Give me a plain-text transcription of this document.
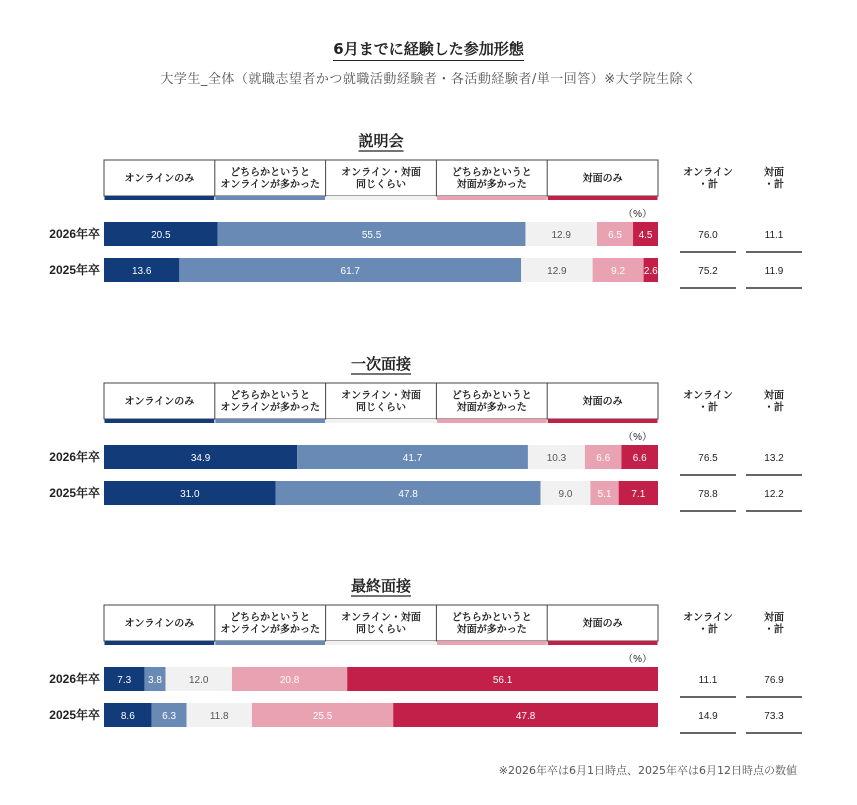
6月までに経験した参加形態
大学生_全体（就職志望者かつ就職活動経験者・各活動経験者/単一回答）※大学院生除く
説明会
オンラインのみ
どちらかというと
オンラインが多かった
オンライン・対面
同じくらい
どちらかというと
対面が多かった
対面のみ
オンライン
・計
対面
・計
（%）
2026年卒	20.5	55.5	12.9	6.5 4.5	76.0	11.1
2025年卒	13.6	61.7	12.9	9.2 2.6	75.2	11.9
一次面接
オンラインのみ
どちらかというと
オンラインが多かった
オンライン・対面
同じくらい
どちらかというと
対面が多かった
対面のみ
オンライン
・計
対面
・計
（%）
2026年卒	34.9	41.7	10.3	6.6 6.6	76.5	13.2
2025年卒	31.0	47.8	9.0	5.1 7.1	78.8	12.2
最終面接
オンラインのみ
どちらかというと
オンラインが多かった
オンライン・対面
同じくらい
どちらかというと
対面が多かった
対面のみ
オンライン
・計
対面
・計
（%）
2026年卒 7.3 3.8	12.0	20.8	56.1	11.1	76.9
2025年卒 8.6	6.3	11.8	25.5	47.8	14.9	73.3
※2026年卒は6月1日時点、2025年卒は6月12日時点の数値
